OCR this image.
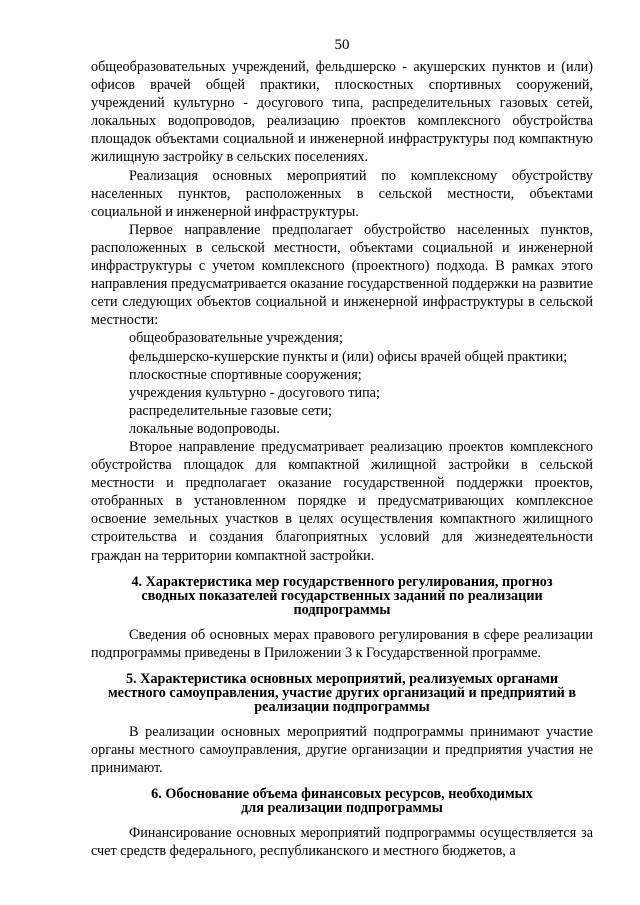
50

общеобразовательных учреждений, фельдшерско - акушерских пунктов и (или) офисов врачей общей практики, плоскостных спортивных сооружений, учреждений культурно - досугового типа, распределительных газовых сетей, локальных водопроводов, реализацию проектов комплексного обустройства площадок объектами социальной и инженерной инфраструктуры под компактную жилищную застройку в сельских поселениях.

Реализация основных мероприятий по комплексному обустройству населенных пунктов, расположенных в сельской местности, объектами социальной и инженерной инфраструктуры.

Первое направление предполагает обустройство населенных пунктов, расположенных в сельской местности, объектами социальной и инженерной инфраструктуры с учетом комплексного (проектного) подхода. В рамках этого направления предусматривается оказание государственной поддержки на развитие сети следующих объектов социальной и инженерной инфраструктуры в сельской местности:

общеобразовательные учреждения;
фельдшерско-кушерские пункты и (или) офисы врачей общей практики;
плоскостные спортивные сооружения;
учреждения культурно - досугового типа;
распределительные газовые сети;
локальные водопроводы.

Второе направление предусматривает реализацию проектов комплексного обустройства площадок для компактной жилищной застройки в сельской местности и предполагает оказание государственной поддержки проектов, отобранных в установленном порядке и предусматривающих комплексное освоение земельных участков в целях осуществления компактного жилищного строительства и создания благоприятных условий для жизнедеятельности граждан на территории компактной застройки.

4. Характеристика мер государственного регулирования, прогноз
сводных показателей государственных заданий по реализации
подпрограммы

Сведения об основных мерах правового регулирования в сфере реализации подпрограммы приведены в Приложении 3 к Государственной программе.

5. Характеристика основных мероприятий, реализуемых органами
местного самоуправления, участие других организаций и предприятий в
реализации подпрограммы

В реализации основных мероприятий подпрограммы принимают участие органы местного самоуправления, другие организации и предприятия участия не принимают.

6. Обоснование объема финансовых ресурсов, необходимых
для реализации подпрограммы

Финансирование основных мероприятий подпрограммы осуществляется за счет средств федерального, республиканского и местного бюджетов, а
